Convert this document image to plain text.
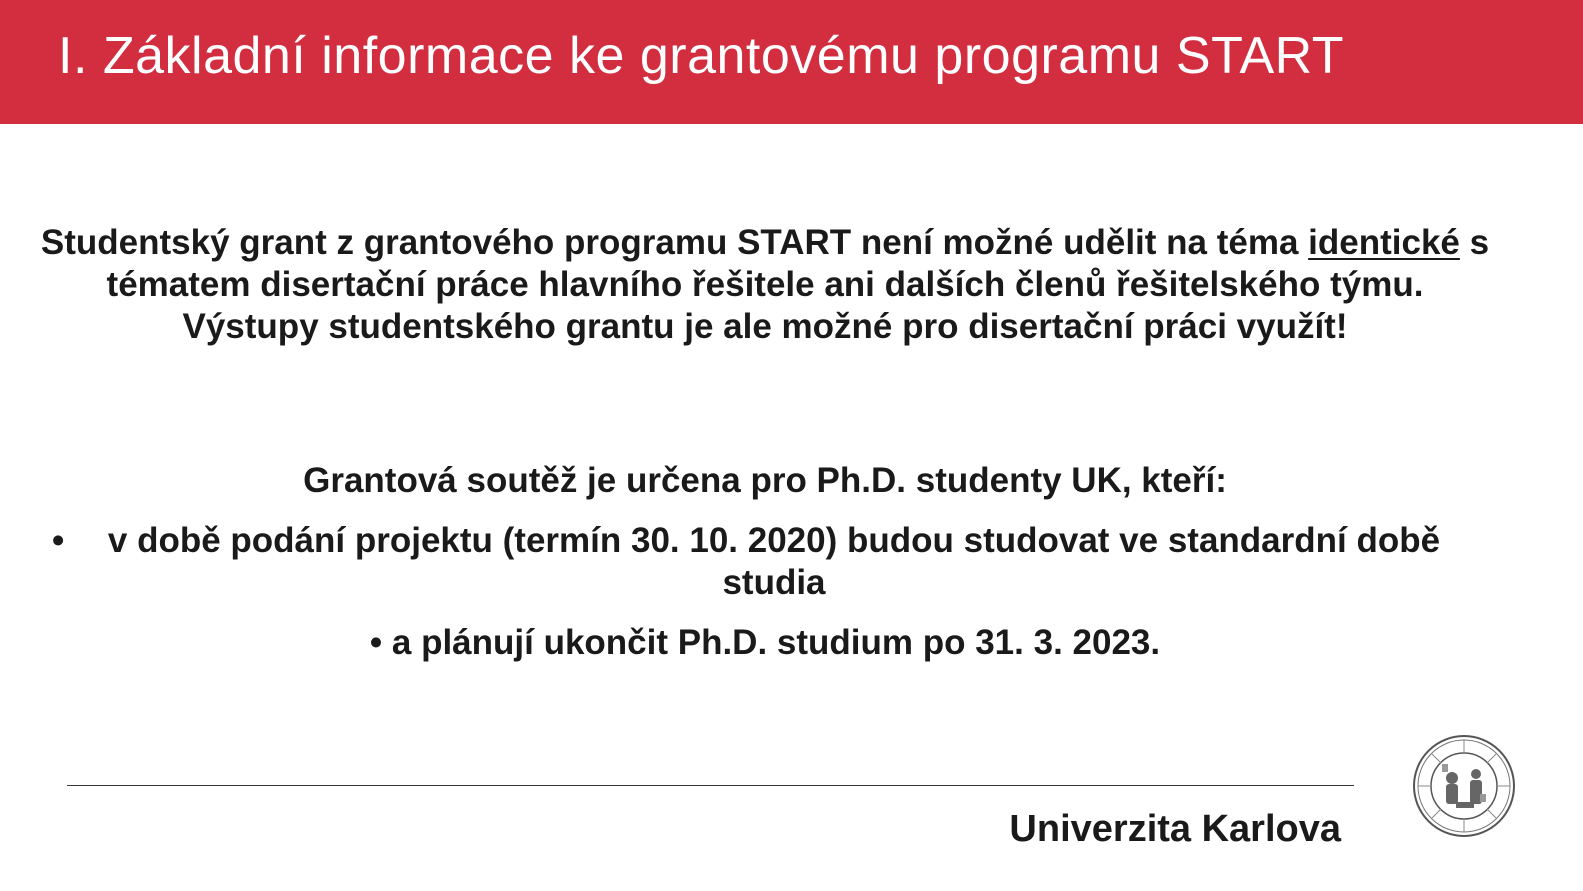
I. Základní informace ke grantovému programu START

Studentský grant z grantového programu START není možné udělit na téma identické s tématem disertační práce hlavního řešitele ani dalších členů řešitelského týmu. Výstupy studentského grantu je ale možné pro disertační práci využít!

Grantová soutěž je určena pro Ph.D. studenty UK, kteří:

• v době podání projektu (termín 30. 10. 2020) budou studovat ve standardní době studia

• a plánují ukončit Ph.D. studium po 31. 3. 2023.

Univerzita Karlova
